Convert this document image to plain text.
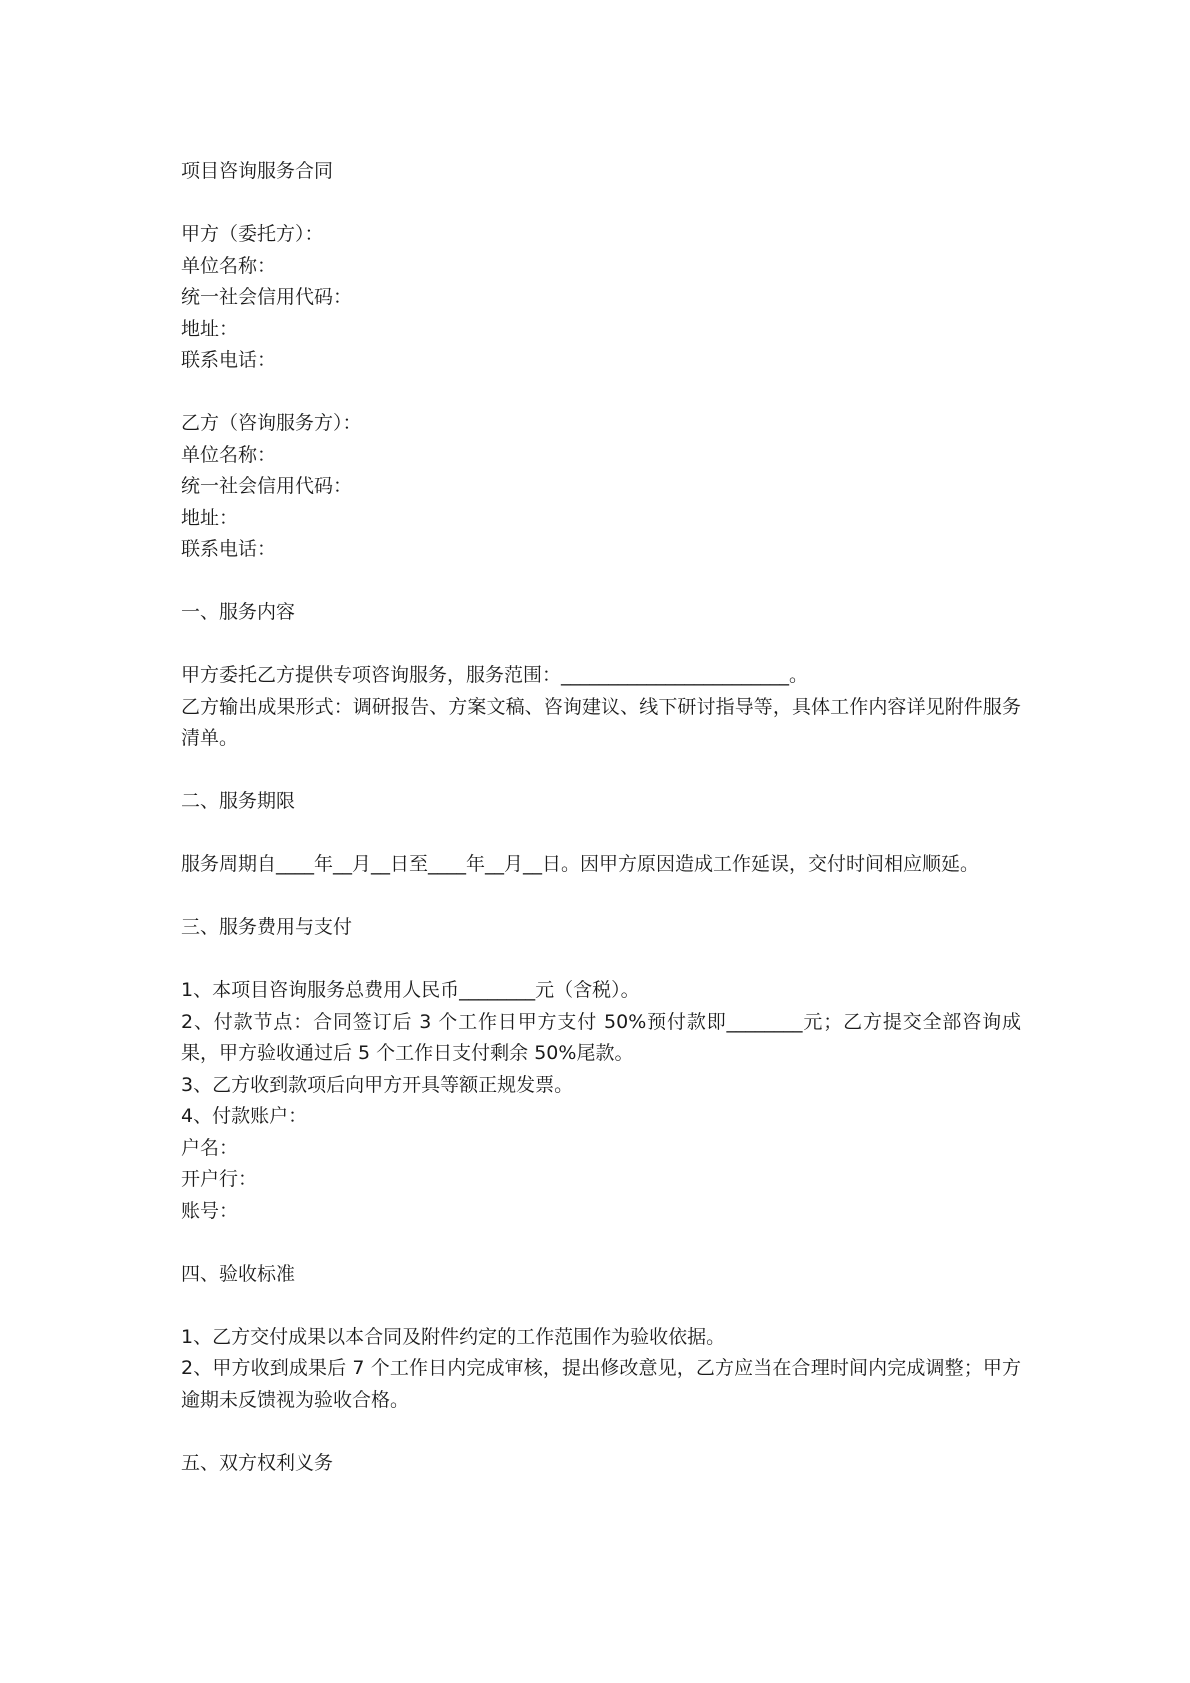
项目咨询服务合同

甲方（委托方）：

单位名称：

统一社会信用代码：

地址：

联系电话：

乙方（咨询服务方）：

单位名称：

统一社会信用代码：

地址：

联系电话：

一、服务内容

甲方委托乙方提供专项咨询服务，服务范围：________________________。

乙方输出成果形式：调研报告、方案文稿、咨询建议、线下研讨指导等，具体工作内容详见附件服务清单。

二、服务期限

服务周期自____年__月__日至____年__月__日。因甲方原因造成工作延误，交付时间相应顺延。

三、服务费用与支付

1、本项目咨询服务总费用人民币________元（含税）。

2、付款节点：合同签订后 3 个工作日甲方支付 50%预付款即________元；乙方提交全部咨询成果，甲方验收通过后 5 个工作日支付剩余 50%尾款。

3、乙方收到款项后向甲方开具等额正规发票。

4、付款账户：

户名：

开户行：

账号：

四、验收标准

1、乙方交付成果以本合同及附件约定的工作范围作为验收依据。

2、甲方收到成果后 7 个工作日内完成审核，提出修改意见，乙方应当在合理时间内完成调整；甲方逾期未反馈视为验收合格。

五、双方权利义务
